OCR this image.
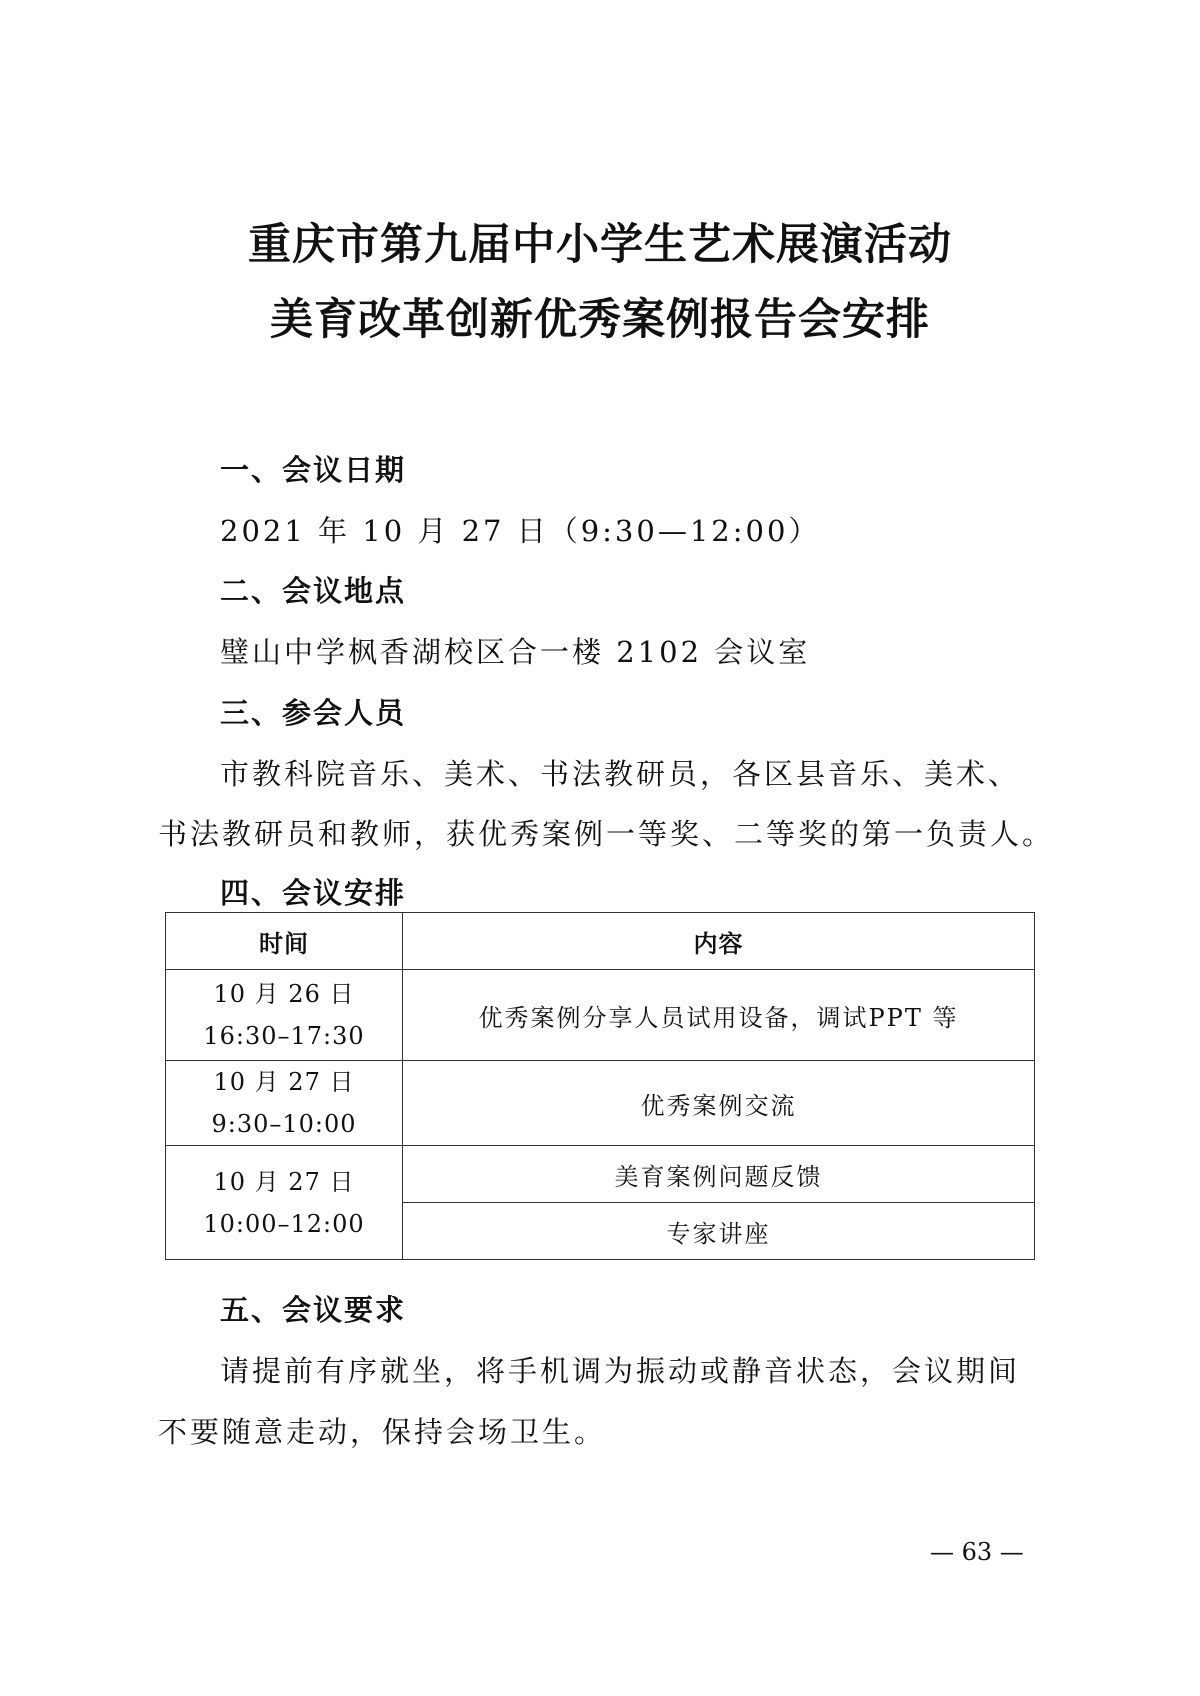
重庆市第九届中小学生艺术展演活动
美育改革创新优秀案例报告会安排
一、会议日期
2021 年 10 月 27 日（9:30—12:00）
二、会议地点
璧山中学枫香湖校区合一楼 2102 会议室
三、参会人员
市教科院音乐、美术、书法教研员，各区县音乐、美术、
书法教研员和教师，获优秀案例一等奖、二等奖的第一负责人。
四、会议安排
时间	内容

10 月 26 日
16:30–17:30	优秀案例分享人员试用设备，调试PPT 等

10 月 27 日
9:30–10:00	优秀案例交流

10 月 27 日
10:00–12:00	美育案例问题反馈
	专家讲座
五、会议要求
请提前有序就坐，将手机调为振动或静音状态，会议期间
不要随意走动，保持会场卫生。
— 63 —
